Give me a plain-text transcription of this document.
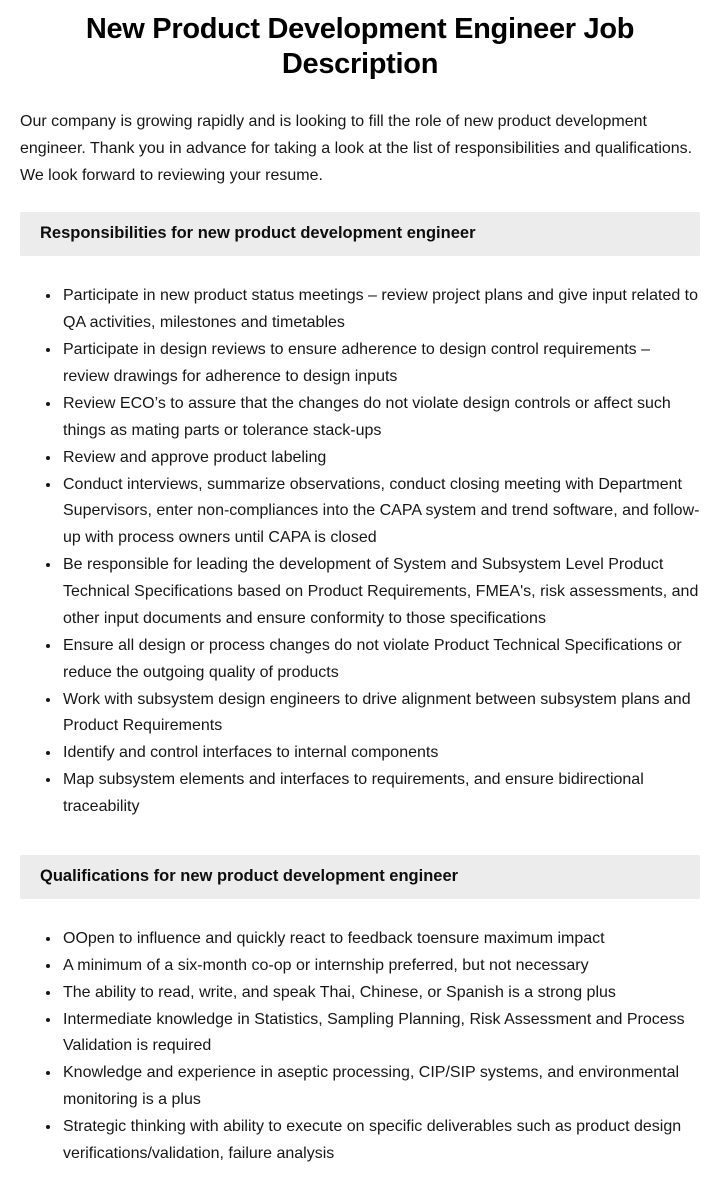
New Product Development Engineer Job Description

Our company is growing rapidly and is looking to fill the role of new product development engineer. Thank you in advance for taking a look at the list of responsibilities and qualifications. We look forward to reviewing your resume.

Responsibilities for new product development engineer
• Participate in new product status meetings – review project plans and give input related to QA activities, milestones and timetables
• Participate in design reviews to ensure adherence to design control requirements – review drawings for adherence to design inputs
• Review ECO’s to assure that the changes do not violate design controls or affect such things as mating parts or tolerance stack-ups
• Review and approve product labeling
• Conduct interviews, summarize observations, conduct closing meeting with Department Supervisors, enter non-compliances into the CAPA system and trend software, and follow-up with process owners until CAPA is closed
• Be responsible for leading the development of System and Subsystem Level Product Technical Specifications based on Product Requirements, FMEA's, risk assessments, and other input documents and ensure conformity to those specifications
• Ensure all design or process changes do not violate Product Technical Specifications or reduce the outgoing quality of products
• Work with subsystem design engineers to drive alignment between subsystem plans and Product Requirements
• Identify and control interfaces to internal components
• Map subsystem elements and interfaces to requirements, and ensure bidirectional traceability
Qualifications for new product development engineer
• OOpen to influence and quickly react to feedback toensure maximum impact
• A minimum of a six-month co-op or internship preferred, but not necessary
• The ability to read, write, and speak Thai, Chinese, or Spanish is a strong plus
• Intermediate knowledge in Statistics, Sampling Planning, Risk Assessment and Process Validation is required
• Knowledge and experience in aseptic processing, CIP/SIP systems, and environmental monitoring is a plus
• Strategic thinking with ability to execute on specific deliverables such as product design verifications/validation, failure analysis
